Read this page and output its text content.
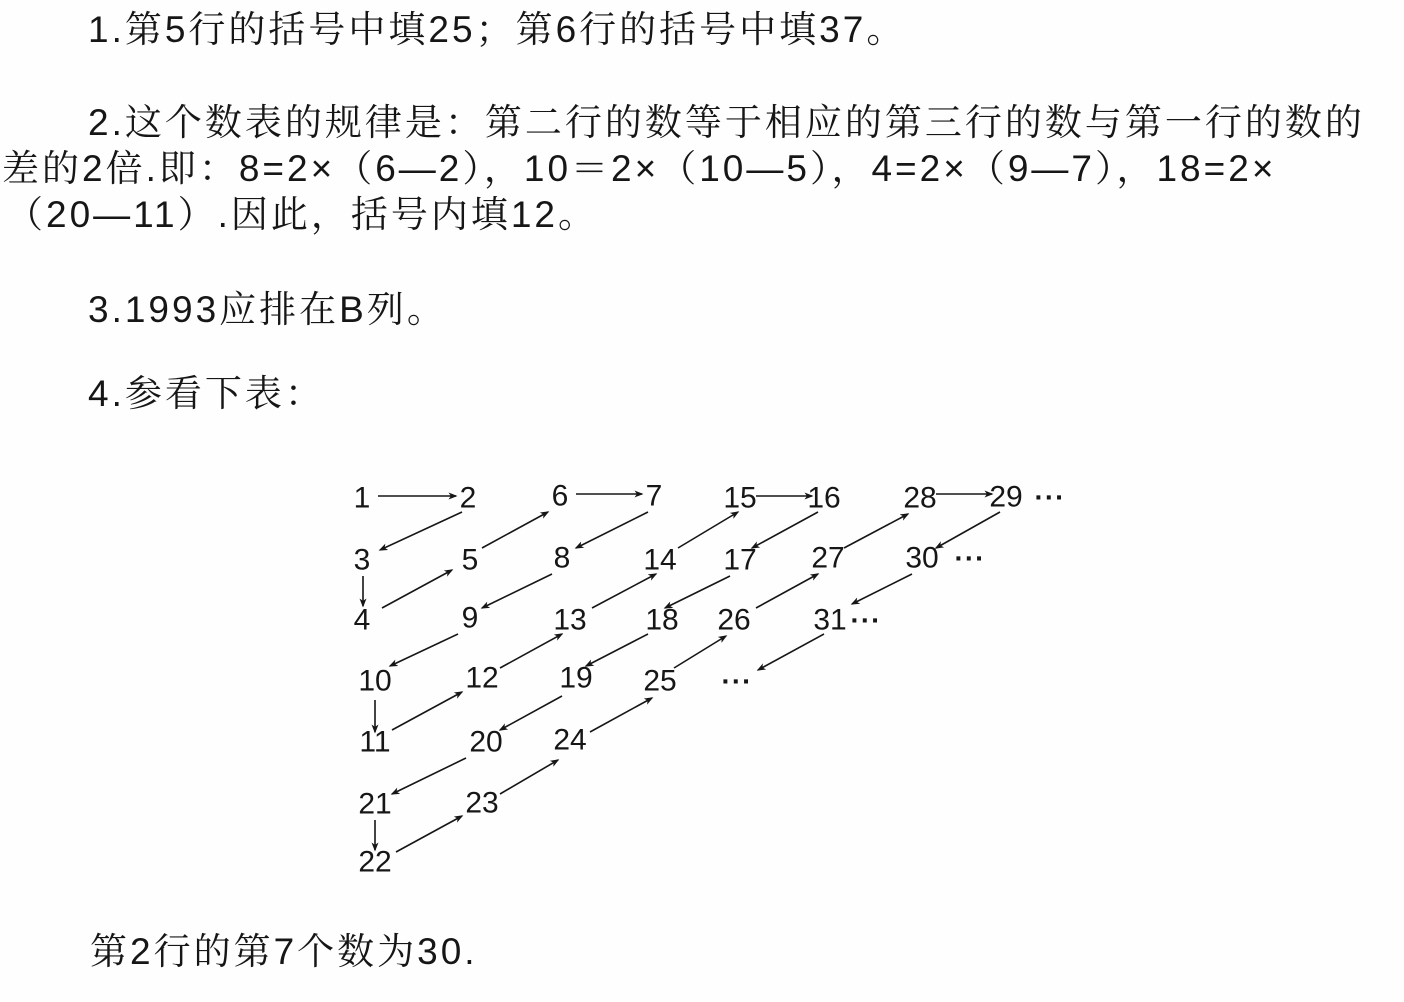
1.第5行的括号中填25；第6行的括号中填37。
2.这个数表的规律是：第二行的数等于相应的第三行的数与第一行的数的
差的2倍.即：8=2×（6—2），10＝2×（10—5），4=2×（9—7），18=2×
（20—11）.因此，括号内填12。
3.1993应排在B列。
4.参看下表：
1	2	6	7 15 16 28 29 ···
3	5	8 14 17 27 30 ···
4	9 13 18 26 31 ···
10 12 19 25 ···
11	20 24
21 23
22
第2行的第7个数为30.
